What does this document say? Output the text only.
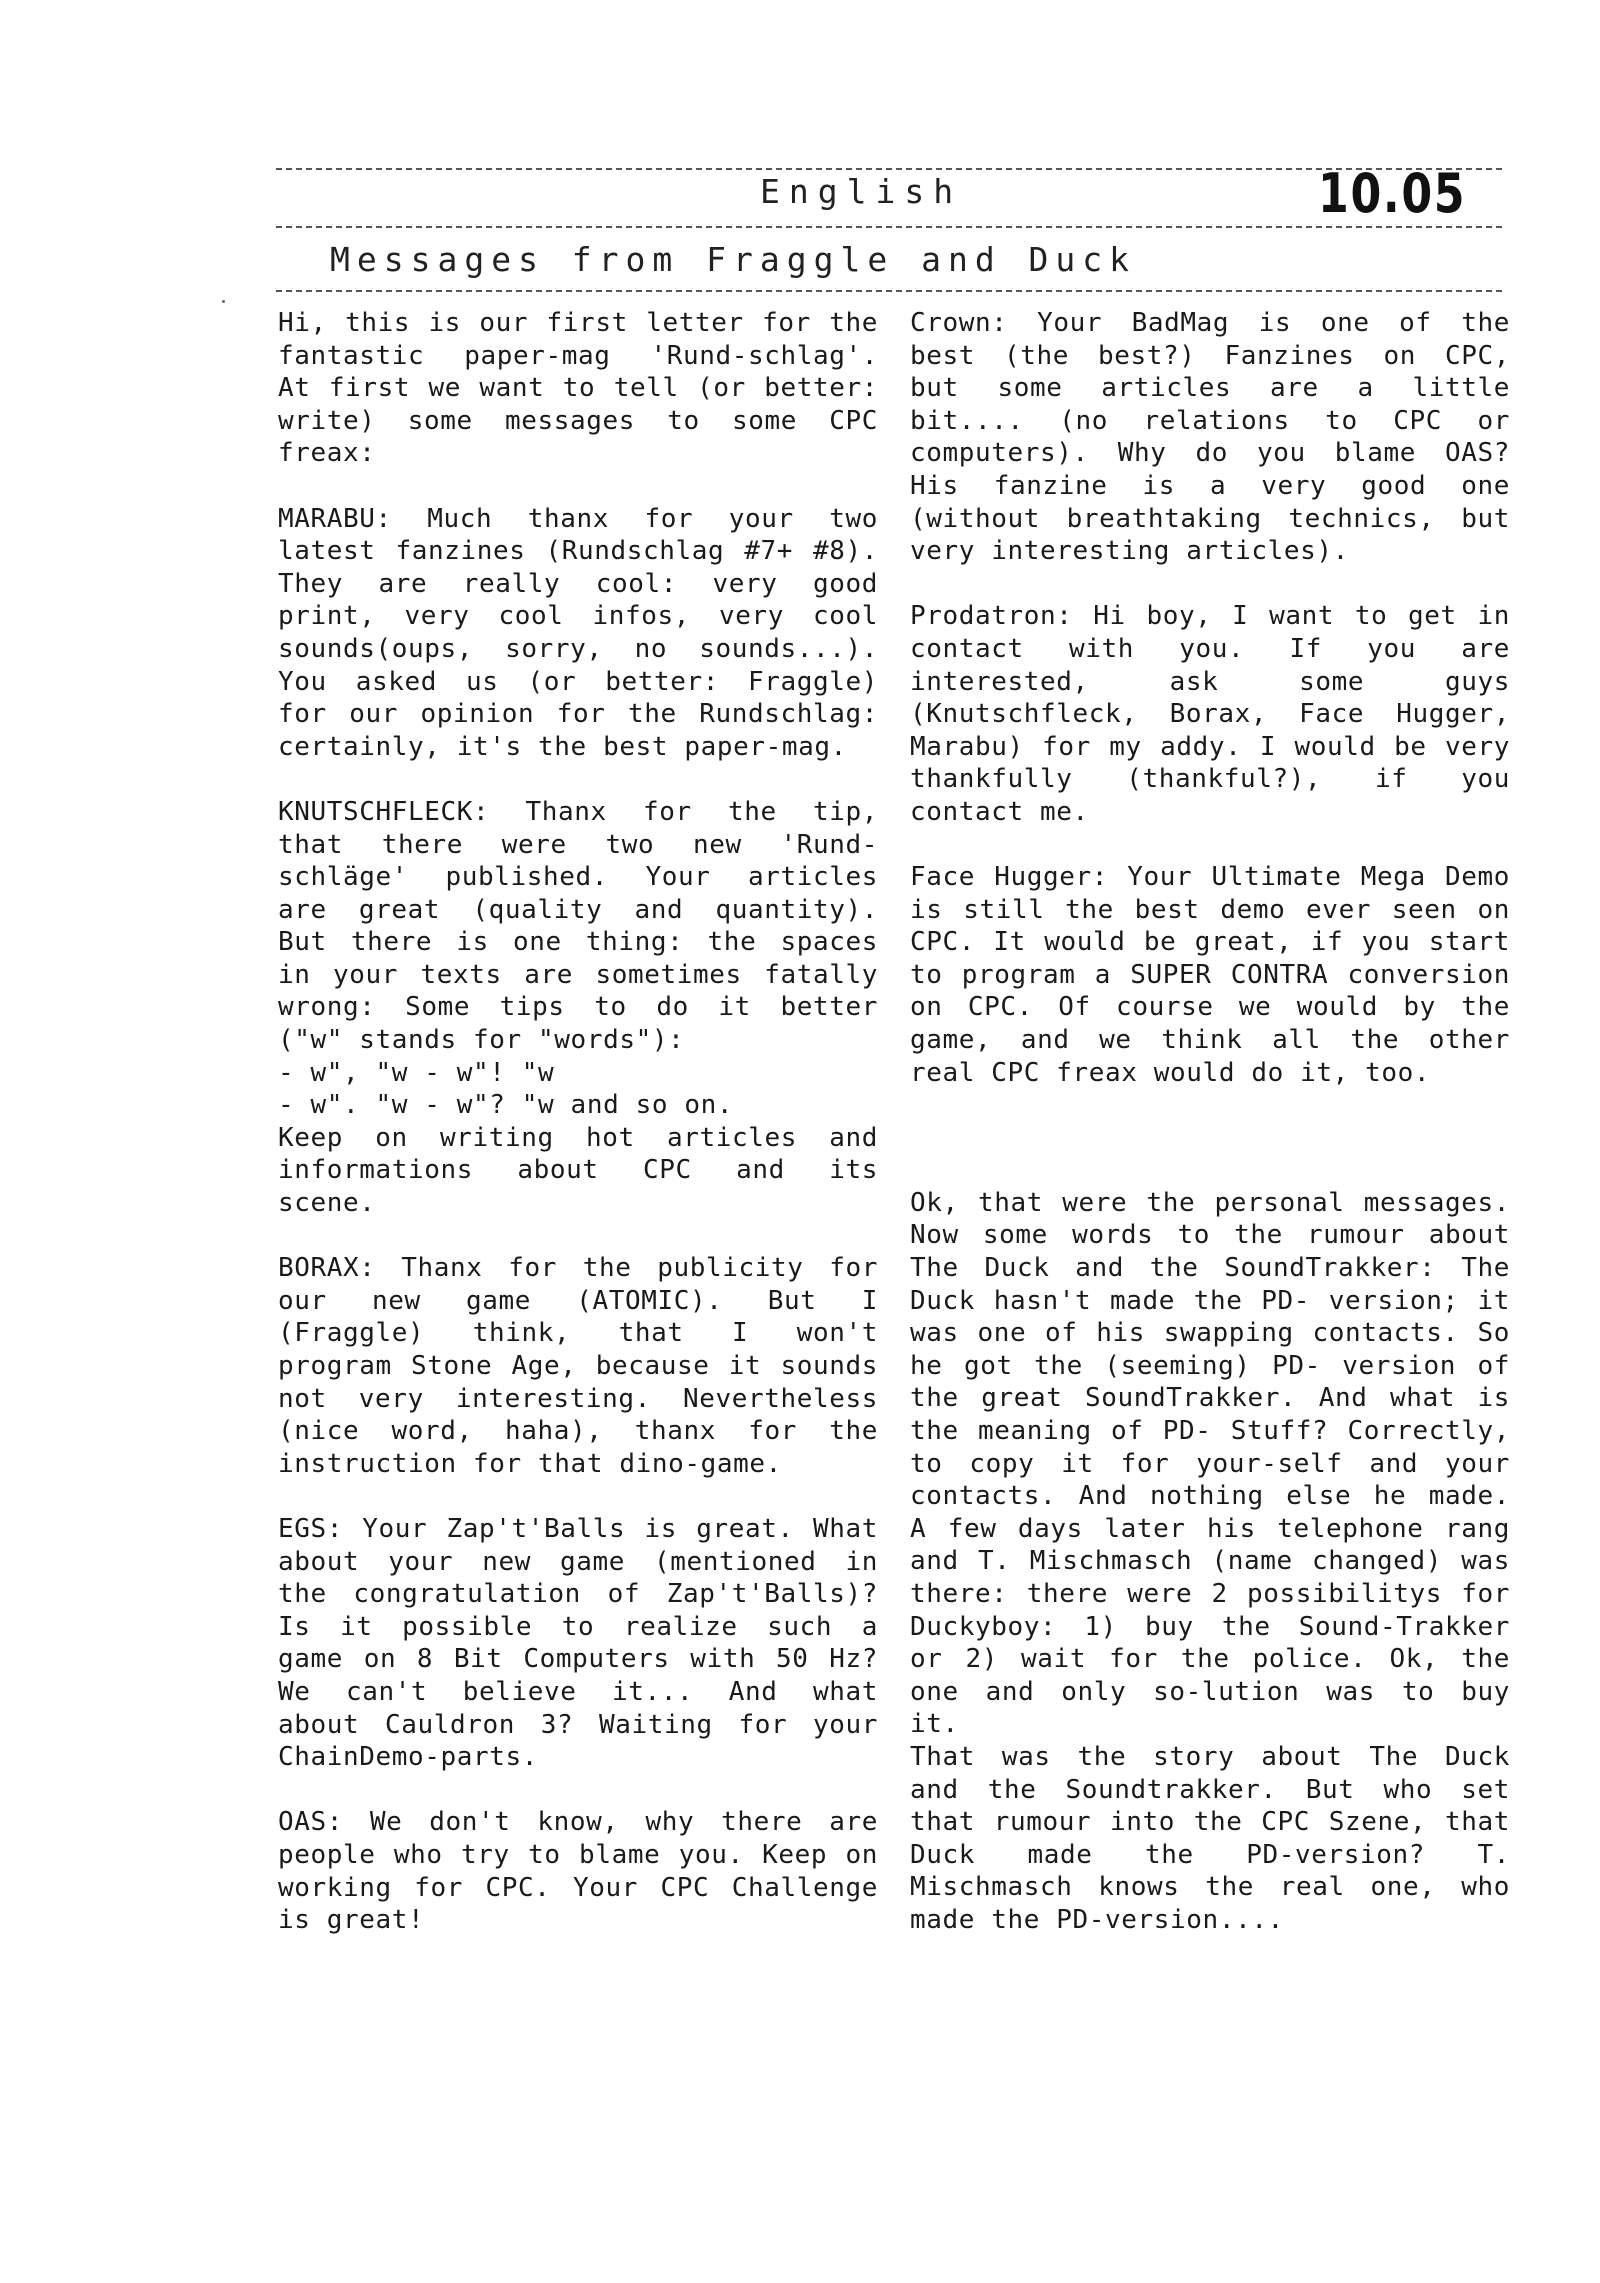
English	10.05
Messages from Fraggle and Duck

Hi, this is our first letter for the fantastic paper-mag 'Rund-schlag'. At first we want to tell (or better: write) some messages to some CPC freax:

MARABU: Much thanx for your two latest fanzines (Rundschlag #7+ #8). They are really cool: very good print, very cool infos, very cool sounds(oups, sorry, no sounds...). You asked us (or better: Fraggle) for our opinion for the Rundschlag: certainly, it's the best paper-mag.

KNUTSCHFLECK: Thanx for the tip, that there were two new 'Rund-schläge' published. Your articles are great (quality and quantity). But there is one thing: the spaces in your texts are sometimes fatally wrong: Some tips to do it better ("w" stands for "words"):
- w", "w - w"! "w
- w". "w - w"? "w and so on.
Keep on writing hot articles and informations about CPC and its scene.

BORAX: Thanx for the publicity for our new game (ATOMIC). But I (Fraggle) think, that I won't program Stone Age, because it sounds not very interesting. Nevertheless (nice word, haha), thanx for the instruction for that dino-game.

EGS: Your Zap't'Balls is great. What about your new game (mentioned in the congratulation of Zap't'Balls)? Is it possible to realize such a game on 8 Bit Computers with 50 Hz? We can't believe it... And what about Cauldron 3? Waiting for your ChainDemo-parts.

OAS: We don't know, why there are people who try to blame you. Keep on working for CPC. Your CPC Challenge is great!

Crown: Your BadMag is one of the best (the best?) Fanzines on CPC, but some articles are a little bit.... (no relations to CPC or computers). Why do you blame OAS? His fanzine is a very good one (without breathtaking technics, but very interesting articles).

Prodatron: Hi boy, I want to get in contact with you. If you are interested, ask some guys (Knutschfleck, Borax, Face Hugger, Marabu) for my addy. I would be very thankfully (thankful?), if you contact me.

Face Hugger: Your Ultimate Mega Demo is still the best demo ever seen on CPC. It would be great, if you start to program a SUPER CONTRA conversion on CPC. Of course we would by the game, and we think all the other real CPC freax would do it, too.

Ok, that were the personal messages. Now some words to the rumour about The Duck and the SoundTrakker: The Duck hasn't made the PD- version; it was one of his swapping contacts. So he got the (seeming) PD- version of the great SoundTrakker. And what is the meaning of PD- Stuff? Correctly, to copy it for your-self and your contacts. And nothing else he made. A few days later his telephone rang and T. Mischmasch (name changed) was there: there were 2 possibilitys for Duckyboy: 1) buy the Sound-Trakker or 2) wait for the police. Ok, the one and only so-lution was to buy it.

That was the story about The Duck and the Soundtrakker. But who set that rumour into the CPC Szene, that Duck made the PD-version? T. Mischmasch knows the real one, who made the PD-version....
